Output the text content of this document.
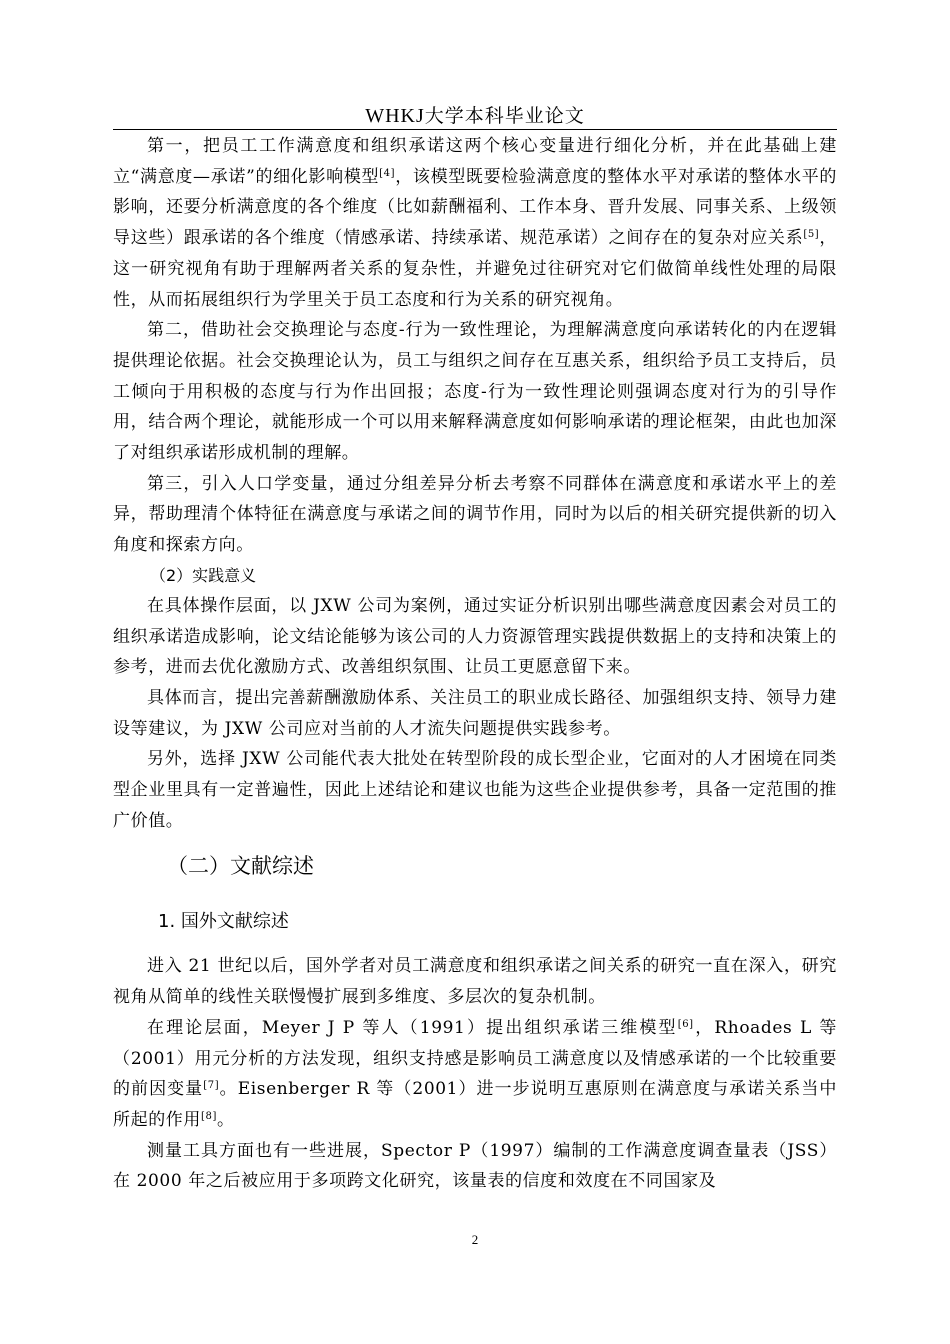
WHKJ大学本科毕业论文

第一，把员工工作满意度和组织承诺这两个核心变量进行细化分析，并在此基础上建立“满意度—承诺”的细化影响模型[4]，该模型既要检验满意度的整体水平对承诺的整体水平的影响，还要分析满意度的各个维度（比如薪酬福利、工作本身、晋升发展、同事关系、上级领导这些）跟承诺的各个维度（情感承诺、持续承诺、规范承诺）之间存在的复杂对应关系[5]，这一研究视角有助于理解两者关系的复杂性，并避免过往研究对它们做简单线性处理的局限性，从而拓展组织行为学里关于员工态度和行为关系的研究视角。

第二，借助社会交换理论与态度-行为一致性理论，为理解满意度向承诺转化的内在逻辑提供理论依据。社会交换理论认为，员工与组织之间存在互惠关系，组织给予员工支持后，员工倾向于用积极的态度与行为作出回报；态度-行为一致性理论则强调态度对行为的引导作用，结合两个理论，就能形成一个可以用来解释满意度如何影响承诺的理论框架，由此也加深了对组织承诺形成机制的理解。

第三，引入人口学变量，通过分组差异分析去考察不同群体在满意度和承诺水平上的差异，帮助理清个体特征在满意度与承诺之间的调节作用，同时为以后的相关研究提供新的切入角度和探索方向。

（2）实践意义

在具体操作层面，以 JXW 公司为案例，通过实证分析识别出哪些满意度因素会对员工的组织承诺造成影响，论文结论能够为该公司的人力资源管理实践提供数据上的支持和决策上的参考，进而去优化激励方式、改善组织氛围、让员工更愿意留下来。

具体而言，提出完善薪酬激励体系、关注员工的职业成长路径、加强组织支持、领导力建设等建议，为 JXW 公司应对当前的人才流失问题提供实践参考。

另外，选择 JXW 公司能代表大批处在转型阶段的成长型企业，它面对的人才困境在同类型企业里具有一定普遍性，因此上述结论和建议也能为这些企业提供参考，具备一定范围的推广价值。

（二）文献综述

1. 国外文献综述

进入 21 世纪以后，国外学者对员工满意度和组织承诺之间关系的研究一直在深入，研究视角从简单的线性关联慢慢扩展到多维度、多层次的复杂机制。

在理论层面，Meyer J P 等人（1991）提出组织承诺三维模型[6]，Rhoades L 等（2001）用元分析的方法发现，组织支持感是影响员工满意度以及情感承诺的一个比较重要的前因变量[7]。Eisenberger R 等（2001）进一步说明互惠原则在满意度与承诺关系当中所起的作用[8]。

测量工具方面也有一些进展，Spector P（1997）编制的工作满意度调查量表（JSS）在 2000 年之后被应用于多项跨文化研究，该量表的信度和效度在不同国家及

2
